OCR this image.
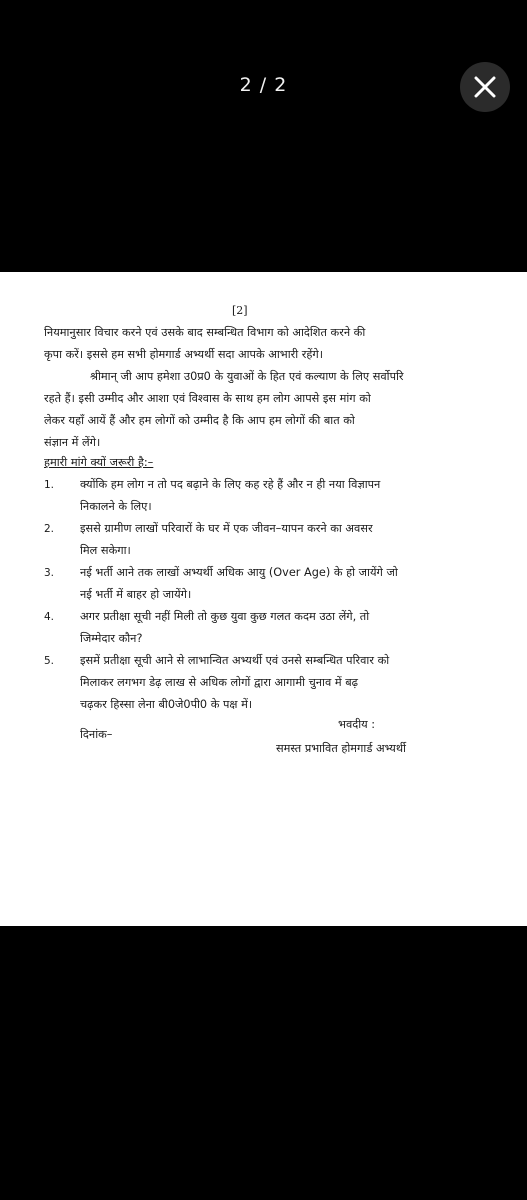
2 / 2
[2]
नियमानुसार विचार करने एवं उसके बाद सम्बन्धित विभाग को आदेशित करने की
कृपा करें। इससे हम सभी होमगार्ड अभ्यर्थी सदा आपके आभारी रहेंगे।
श्रीमान् जी आप हमेशा उ0प्र0 के युवाओं के हित एवं कल्याण के लिए सर्वोपरि
रहते हैं। इसी उम्मीद और आशा एवं विश्वास के साथ हम लोग आपसे इस मांग को
लेकर यहाँ आयें हैं और हम लोगों को उम्मीद है कि आप हम लोगों की बात को
संज्ञान में लेंगे।
हमारी मांगे क्यों जरूरी है:–
1. क्योंकि हम लोग न तो पद बढ़ाने के लिए कह रहे हैं और न ही नया विज्ञापन
निकालने के लिए।
2. इससे ग्रामीण लाखों परिवारों के घर में एक जीवन–यापन करने का अवसर
मिल सकेगा।
3. नई भर्ती आने तक लाखों अभ्यर्थी अधिक आयु (Over Age) के हो जायेंगे जो
नई भर्ती में बाहर हो जायेंगे।
4. अगर प्रतीक्षा सूची नहीं मिली तो कुछ युवा कुछ गलत कदम उठा लेंगे, तो
जिम्मेदार कौन?
5. इसमें प्रतीक्षा सूची आने से लाभान्वित अभ्यर्थी एवं उनसे सम्बन्धित परिवार को
मिलाकर लगभग डेढ़ लाख से अधिक लोगों द्वारा आगामी चुनाव में बढ़
चढ़कर हिस्सा लेना बी0जे0पी0 के पक्ष में।
भवदीय :
दिनांक–
समस्त प्रभावित होमगार्ड अभ्यर्थी
